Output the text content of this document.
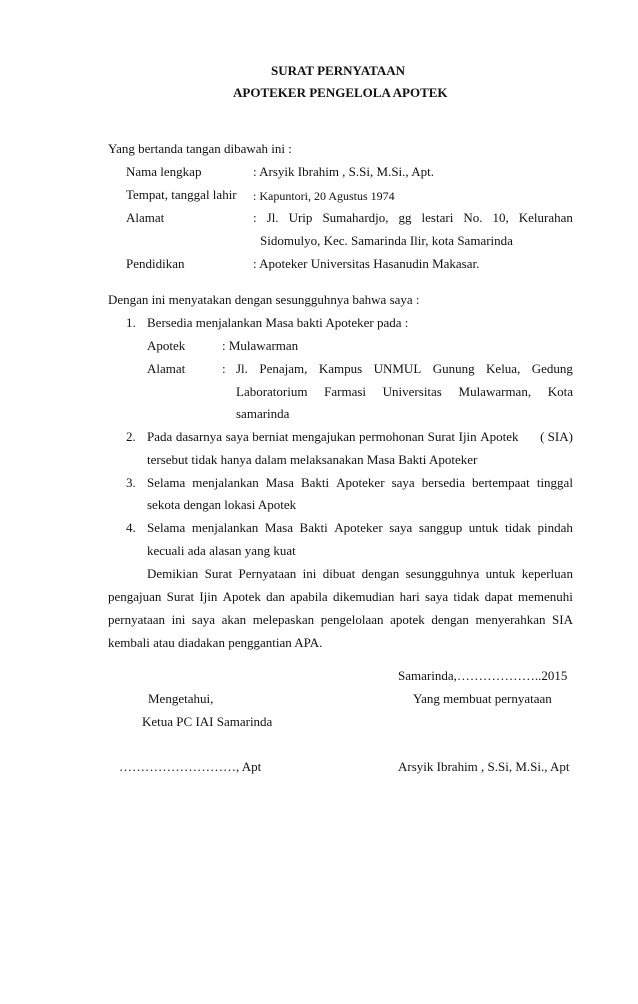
SURAT PERNYATAAN
APOTEKER PENGELOLA APOTEK
Yang bertanda tangan dibawah ini :
Nama lengkap	: Arsyik Ibrahim , S.Si, M.Si., Apt.
Tempat, tanggal lahir : Kapuntori, 20 Agustus 1974
Alamat	: Jl. Urip Sumahardjo, gg lestari No. 10, Kelurahan
Sidomulyo, Kec. Samarinda Ilir, kota Samarinda
Pendidikan	: Apoteker Universitas Hasanudin Makasar.
Dengan ini menyatakan dengan sesungguhnya bahwa saya :
1. Bersedia menjalankan Masa bakti Apoteker pada :
Apotek	: Mulawarman
Alamat	: Jl. Penajam, Kampus UNMUL Gunung Kelua, Gedung
Laboratorium Farmasi Universitas Mulawarman, Kota
samarinda
2. Pada dasarnya saya berniat mengajukan permohonan Surat Ijin Apotek ( SIA)
tersebut tidak hanya dalam melaksanakan Masa Bakti Apoteker
3. Selama menjalankan Masa Bakti Apoteker saya bersedia bertempaat tinggal
sekota dengan lokasi Apotek
4. Selama menjalankan Masa Bakti Apoteker saya sanggup untuk tidak pindah
kecuali ada alasan yang kuat
Demikian Surat Pernyataan ini dibuat dengan sesungguhnya untuk keperluan
pengajuan Surat Ijin Apotek dan apabila dikemudian hari saya tidak dapat memenuhi
pernyataan ini saya akan melepaskan pengelolaan apotek dengan menyerahkan SIA
kembali atau diadakan penggantian APA.
Samarinda,………………..2015
Mengetahui,	Yang membuat pernyataan
Ketua PC IAI Samarinda
………………………, Apt	Arsyik Ibrahim , S.Si, M.Si., Apt
